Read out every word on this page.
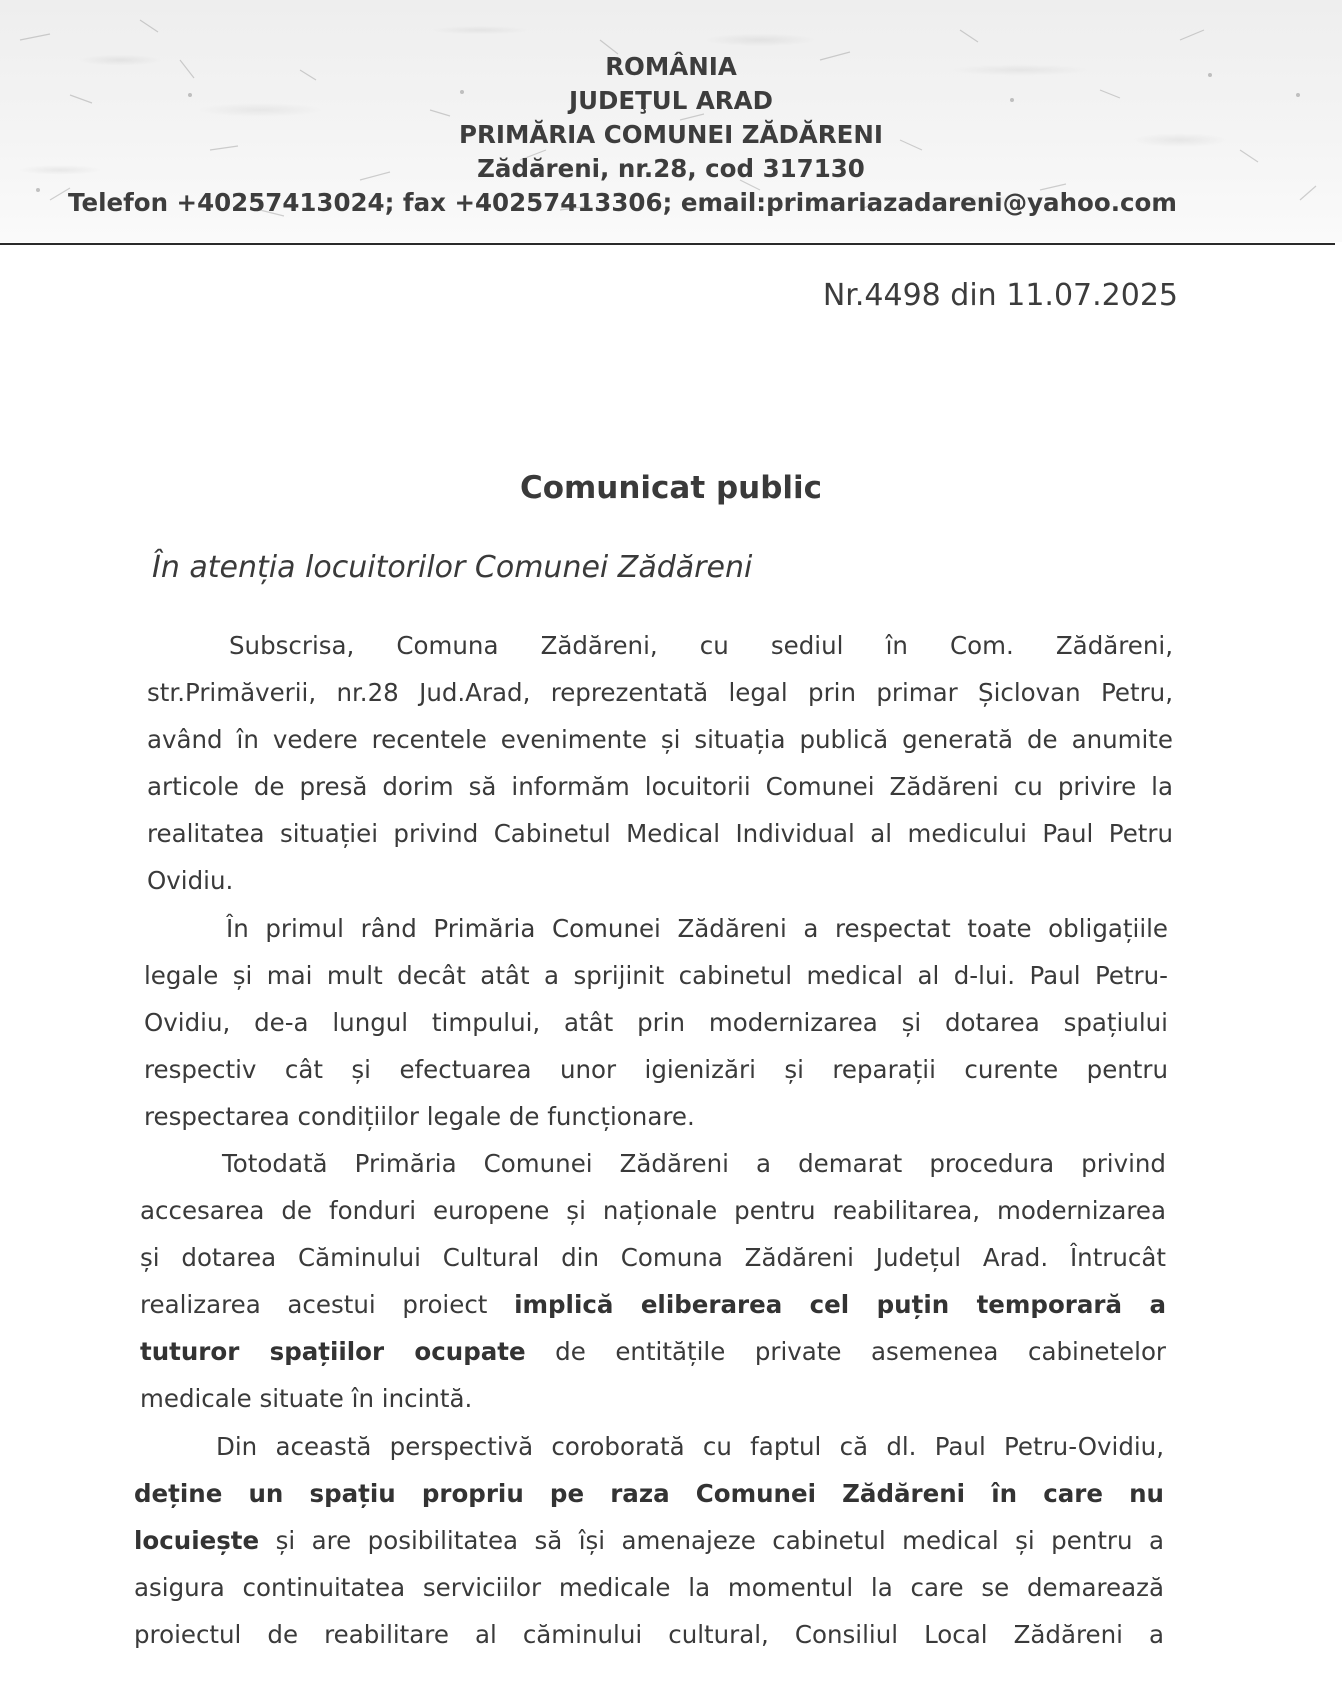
ROMÂNIA
JUDEŢUL ARAD
PRIMĂRIA COMUNEI ZĂDĂRENI
Zădăreni, nr.28, cod 317130
Telefon +40257413024; fax +40257413306; email:primariazadareni@yahoo.com
Nr.4498 din 11.07.2025
Comunicat public
În atenția locuitorilor Comunei Zădăreni
Subscrisa, Comuna Zădăreni, cu sediul în Com. Zădăreni,
str.Primăverii, nr.28 Jud.Arad, reprezentată legal prin primar Șiclovan Petru,
având în vedere recentele evenimente și situația publică generată de anumite
articole de presă dorim să informăm locuitorii Comunei Zădăreni cu privire la
realitatea situației privind Cabinetul Medical Individual al medicului Paul Petru
Ovidiu.
În primul rând Primăria Comunei Zădăreni a respectat toate obligațiile
legale și mai mult decât atât a sprijinit cabinetul medical al d-lui. Paul Petru-
Ovidiu, de-a lungul timpului, atât prin modernizarea și dotarea spațiului
respectiv cât și efectuarea unor igienizări și reparații curente pentru
respectarea condițiilor legale de funcționare.
Totodată Primăria Comunei Zădăreni a demarat procedura privind
accesarea de fonduri europene și naționale pentru reabilitarea, modernizarea
și dotarea Căminului Cultural din Comuna Zădăreni Județul Arad. Întrucât
realizarea acestui proiect implică eliberarea cel puțin temporară a
tuturor spațiilor ocupate de entitățile private asemenea cabinetelor
medicale situate în incintă.
Din această perspectivă coroborată cu faptul că dl. Paul Petru-Ovidiu,
deține un spațiu propriu pe raza Comunei Zădăreni în care nu
locuiește și are posibilitatea să își amenajeze cabinetul medical și pentru a
asigura continuitatea serviciilor medicale la momentul la care se demarează
proiectul de reabilitare al căminului cultural, Consiliul Local Zădăreni a
